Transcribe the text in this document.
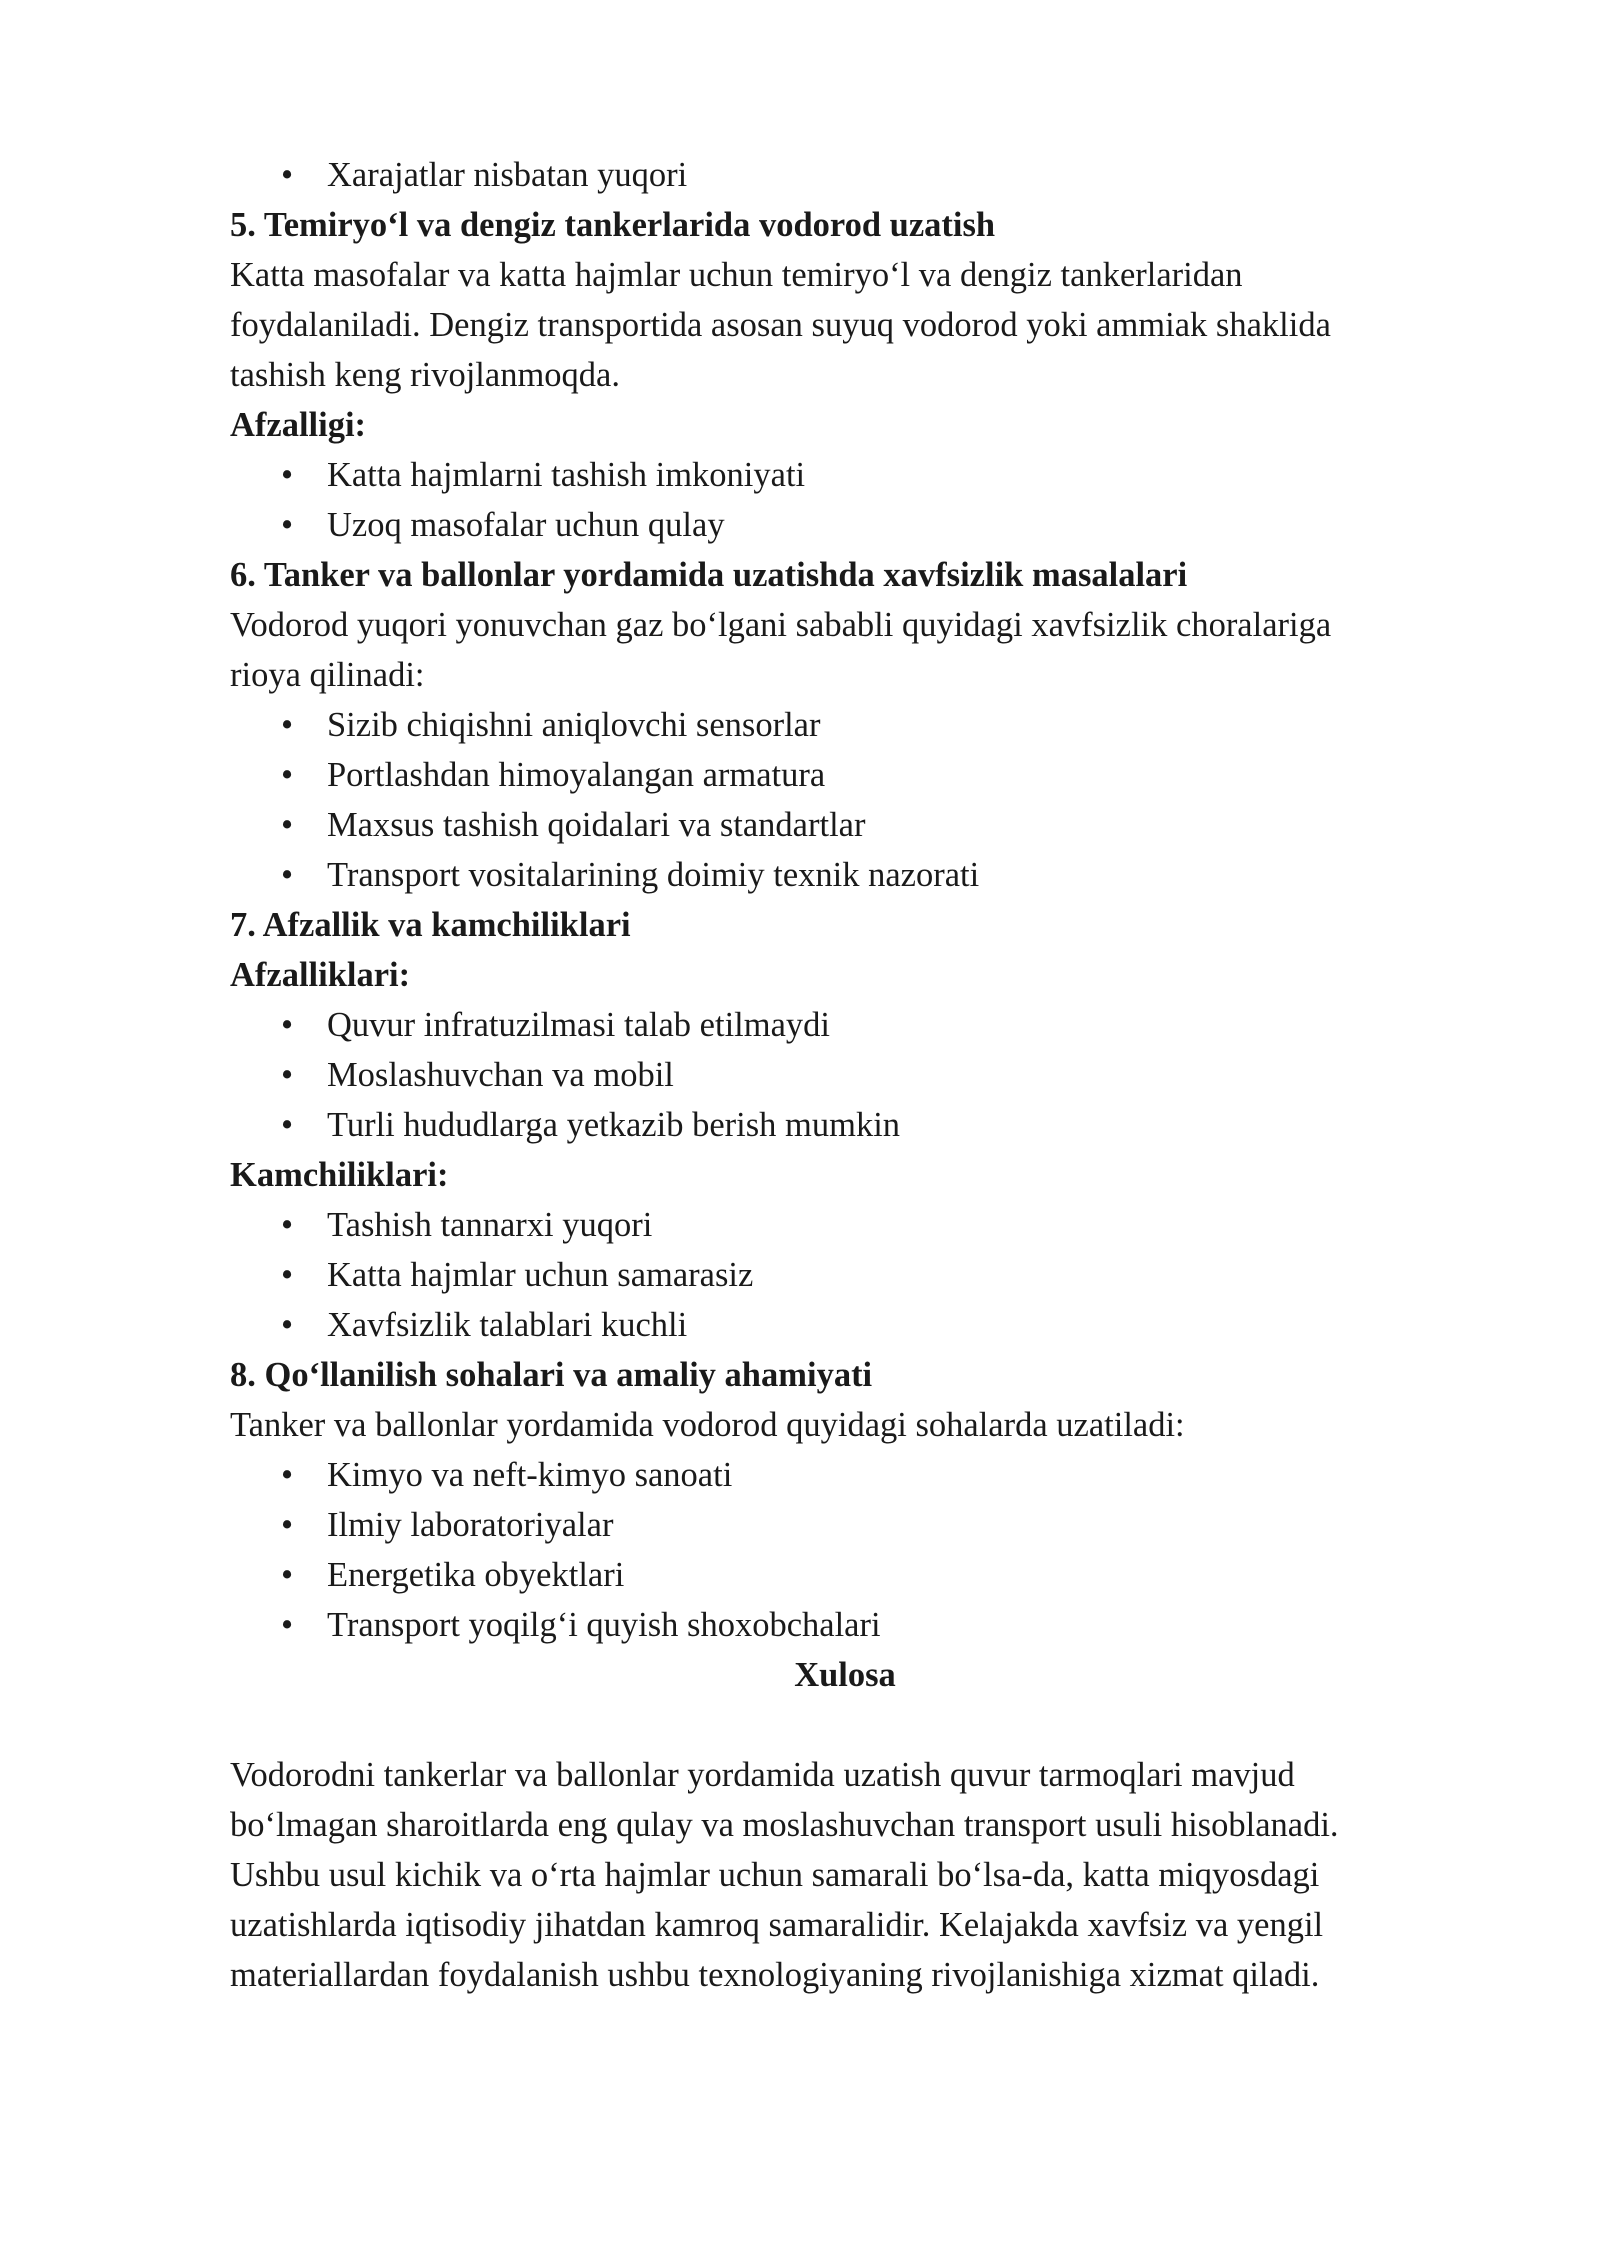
• Xarajatlar nisbatan yuqori

5. Temiryo‘l va dengiz tankerlarida vodorod uzatish

Katta masofalar va katta hajmlar uchun temiryo‘l va dengiz tankerlaridan

foydalaniladi. Dengiz transportida asosan suyuq vodorod yoki ammiak shaklida

tashish keng rivojlanmoqda.

Afzalligi:

• Katta hajmlarni tashish imkoniyati
• Uzoq masofalar uchun qulay

6. Tanker va ballonlar yordamida uzatishda xavfsizlik masalalari

Vodorod yuqori yonuvchan gaz bo‘lgani sababli quyidagi xavfsizlik choralariga

rioya qilinadi:

• Sizib chiqishni aniqlovchi sensorlar
• Portlashdan himoyalangan armatura
• Maxsus tashish qoidalari va standartlar
• Transport vositalarining doimiy texnik nazorati

7. Afzallik va kamchiliklari

Afzalliklari:

• Quvur infratuzilmasi talab etilmaydi
• Moslashuvchan va mobil
• Turli hududlarga yetkazib berish mumkin

Kamchiliklari:

• Tashish tannarxi yuqori
• Katta hajmlar uchun samarasiz
• Xavfsizlik talablari kuchli

8. Qo‘llanilish sohalari va amaliy ahamiyati

Tanker va ballonlar yordamida vodorod quyidagi sohalarda uzatiladi:

• Kimyo va neft-kimyo sanoati
• Ilmiy laboratoriyalar
• Energetika obyektlari
• Transport yoqilg‘i quyish shoxobchalari

Xulosa

Vodorodni tankerlar va ballonlar yordamida uzatish quvur tarmoqlari mavjud

bo‘lmagan sharoitlarda eng qulay va moslashuvchan transport usuli hisoblanadi.

Ushbu usul kichik va o‘rta hajmlar uchun samarali bo‘lsa-da, katta miqyosdagi

uzatishlarda iqtisodiy jihatdan kamroq samaralidir. Kelajakda xavfsiz va yengil

materiallardan foydalanish ushbu texnologiyaning rivojlanishiga xizmat qiladi.
